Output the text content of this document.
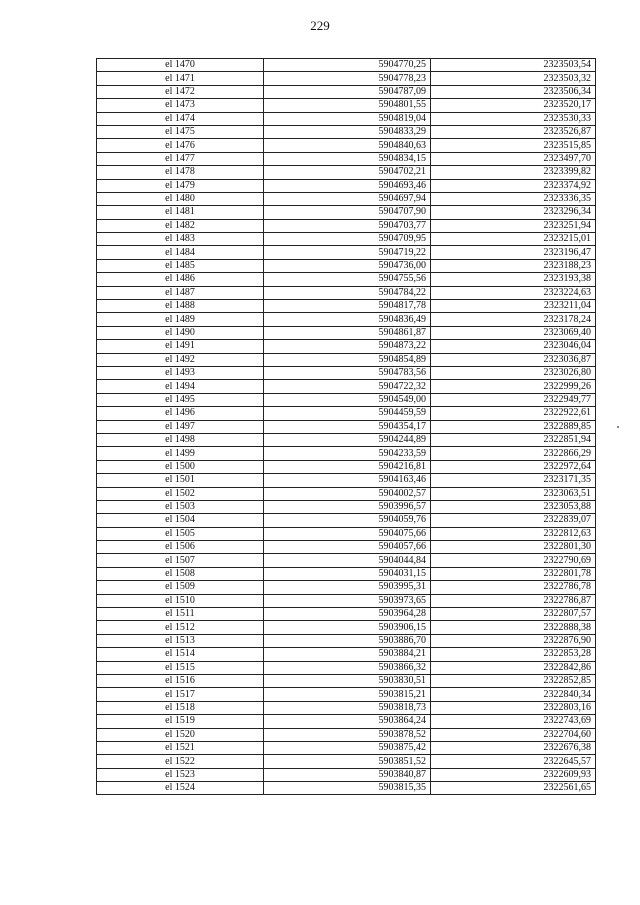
229
el 1470	5904770,25	2323503,54
el 1471	5904778,23	2323503,32
el 1472	5904787,09	2323506,34
el 1473	5904801,55	2323520,17
el 1474	5904819,04	2323530,33
el 1475	5904833,29	2323526,87
el 1476	5904840,63	2323515,85
el 1477	5904834,15	2323497,70
el 1478	5904702,21	2323399,82
el 1479	5904693,46	2323374,92
el 1480	5904697,94	2323336,35
el 1481	5904707,90	2323296,34
el 1482	5904703,77	2323251,94
el 1483	5904709,95	2323215,01
el 1484	5904719,22	2323196,47
el 1485	5904736,00	2323188,23
el 1486	5904755,56	2323193,38
el 1487	5904784,22	2323224,63
el 1488	5904817,78	2323211,04
el 1489	5904836,49	2323178,24
el 1490	5904861,87	2323069,40
el 1491	5904873,22	2323046,04
el 1492	5904854,89	2323036,87
el 1493	5904783,56	2323026,80
el 1494	5904722,32	2322999,26
el 1495	5904549,00	2322949,77
el 1496	5904459,59	2322922,61
el 1497	5904354,17	2322889,85
el 1498	5904244,89	2322851,94
el 1499	5904233,59	2322866,29
el 1500	5904216,81	2322972,64
el 1501	5904163,46	2323171,35
el 1502	5904002,57	2323063,51
el 1503	5903996,57	2323053,88
el 1504	5904059,76	2322839,07
el 1505	5904075,66	2322812,63
el 1506	5904057,66	2322801,30
el 1507	5904044,84	2322790,69
el 1508	5904031,15	2322801,78
el 1509	5903995,31	2322786,78
el 1510	5903973,65	2322786,87
el 1511	5903964,28	2322807,57
el 1512	5903906,15	2322888,38
el 1513	5903886,70	2322876,90
el 1514	5903884,21	2322853,28
el 1515	5903866,32	2322842,86
el 1516	5903830,51	2322852,85
el 1517	5903815,21	2322840,34
el 1518	5903818,73	2322803,16
el 1519	5903864,24	2322743,69
el 1520	5903878,52	2322704,60
el 1521	5903875,42	2322676,38
el 1522	5903851,52	2322645,57
el 1523	5903840,87	2322609,93
el 1524	5903815,35	2322561,65
